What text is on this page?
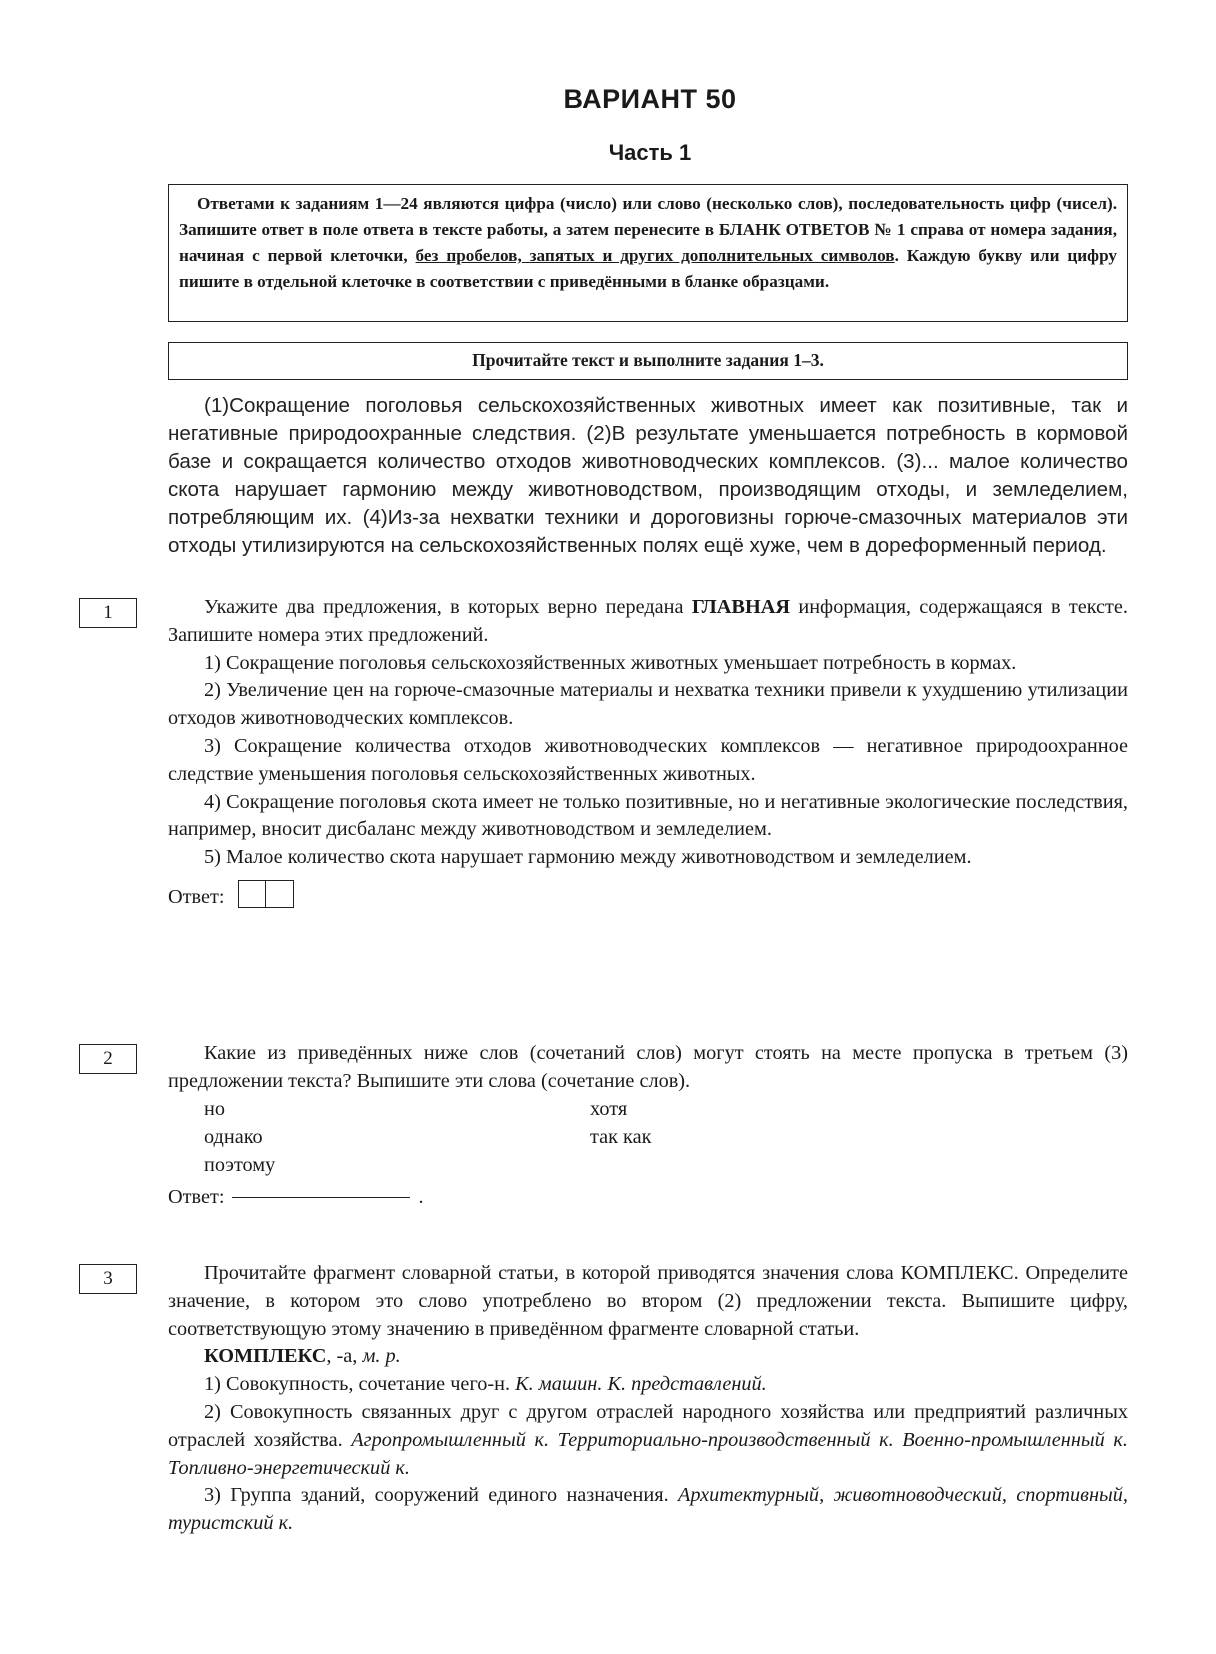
ВАРИАНТ 50
Часть 1
Ответами к заданиям 1—24 являются цифра (число) или слово (несколько слов), последовательность цифр (чисел). Запишите ответ в поле ответа в тексте работы, а затем перенесите в БЛАНК ОТВЕТОВ № 1 справа от номера задания, начиная с первой клеточки, без пробелов, запятых и других дополнительных символов. Каждую букву или цифру пишите в отдельной клеточке в соответствии с приведёнными в бланке образцами.
Прочитайте текст и выполните задания 1–3.
(1)Сокращение поголовья сельскохозяйственных животных имеет как позитивные, так и негативные природоохранные следствия. (2)В результате уменьшается потребность в кормовой базе и сокращается количество отходов животноводческих комплексов. (3)... малое количество скота нарушает гармонию между животноводством, производящим отходы, и земледелием, потребляющим их. (4)Из-за нехватки техники и дороговизны горюче-смазочных материалов эти отходы утилизируются на сельскохозяйственных полях ещё хуже, чем в дореформенный период.
1	Укажите два предложения, в которых верно передана ГЛАВНАЯ информация, содержащаяся в тексте. Запишите номера этих предложений.

1) Сокращение поголовья сельскохозяйственных животных уменьшает потребность в кормах.

2) Увеличение цен на горюче-смазочные материалы и нехватка техники привели к ухудшению утилизации отходов животноводческих комплексов.

3) Сокращение количества отходов животноводческих комплексов — негативное природоохранное следствие уменьшения поголовья сельскохозяйственных животных.

4) Сокращение поголовья скота имеет не только позитивные, но и негативные экологические последствия, например, вносит дисбаланс между животноводством и земледелием.

5) Малое количество скота нарушает гармонию между животноводством и земледелием.

Ответ:

2	Какие из приведённых ниже слов (сочетаний слов) могут стоять на месте пропуска в третьем (3) предложении текста? Выпишите эти слова (сочетание слов).

но
однако
поэтому
хотя
так как

Ответ:	.

3	Прочитайте фрагмент словарной статьи, в которой приводятся значения слова КОМПЛЕКС. Определите значение, в котором это слово употреблено во втором (2) предложении текста. Выпишите цифру, соответствующую этому значению в приведённом фрагменте словарной статьи.

КОМПЛЕКС, -а, м. р.

1) Совокупность, сочетание чего-н. К. машин. К. представлений.

2) Совокупность связанных друг с другом отраслей народного хозяйства или предприятий различных отраслей хозяйства. Агропромышленный к. Территориально-производственный к. Военно-промышленный к. Топливно-энергетический к.

3) Группа зданий, сооружений единого назначения. Архитектурный, животноводческий, спортивный, туристский к.
